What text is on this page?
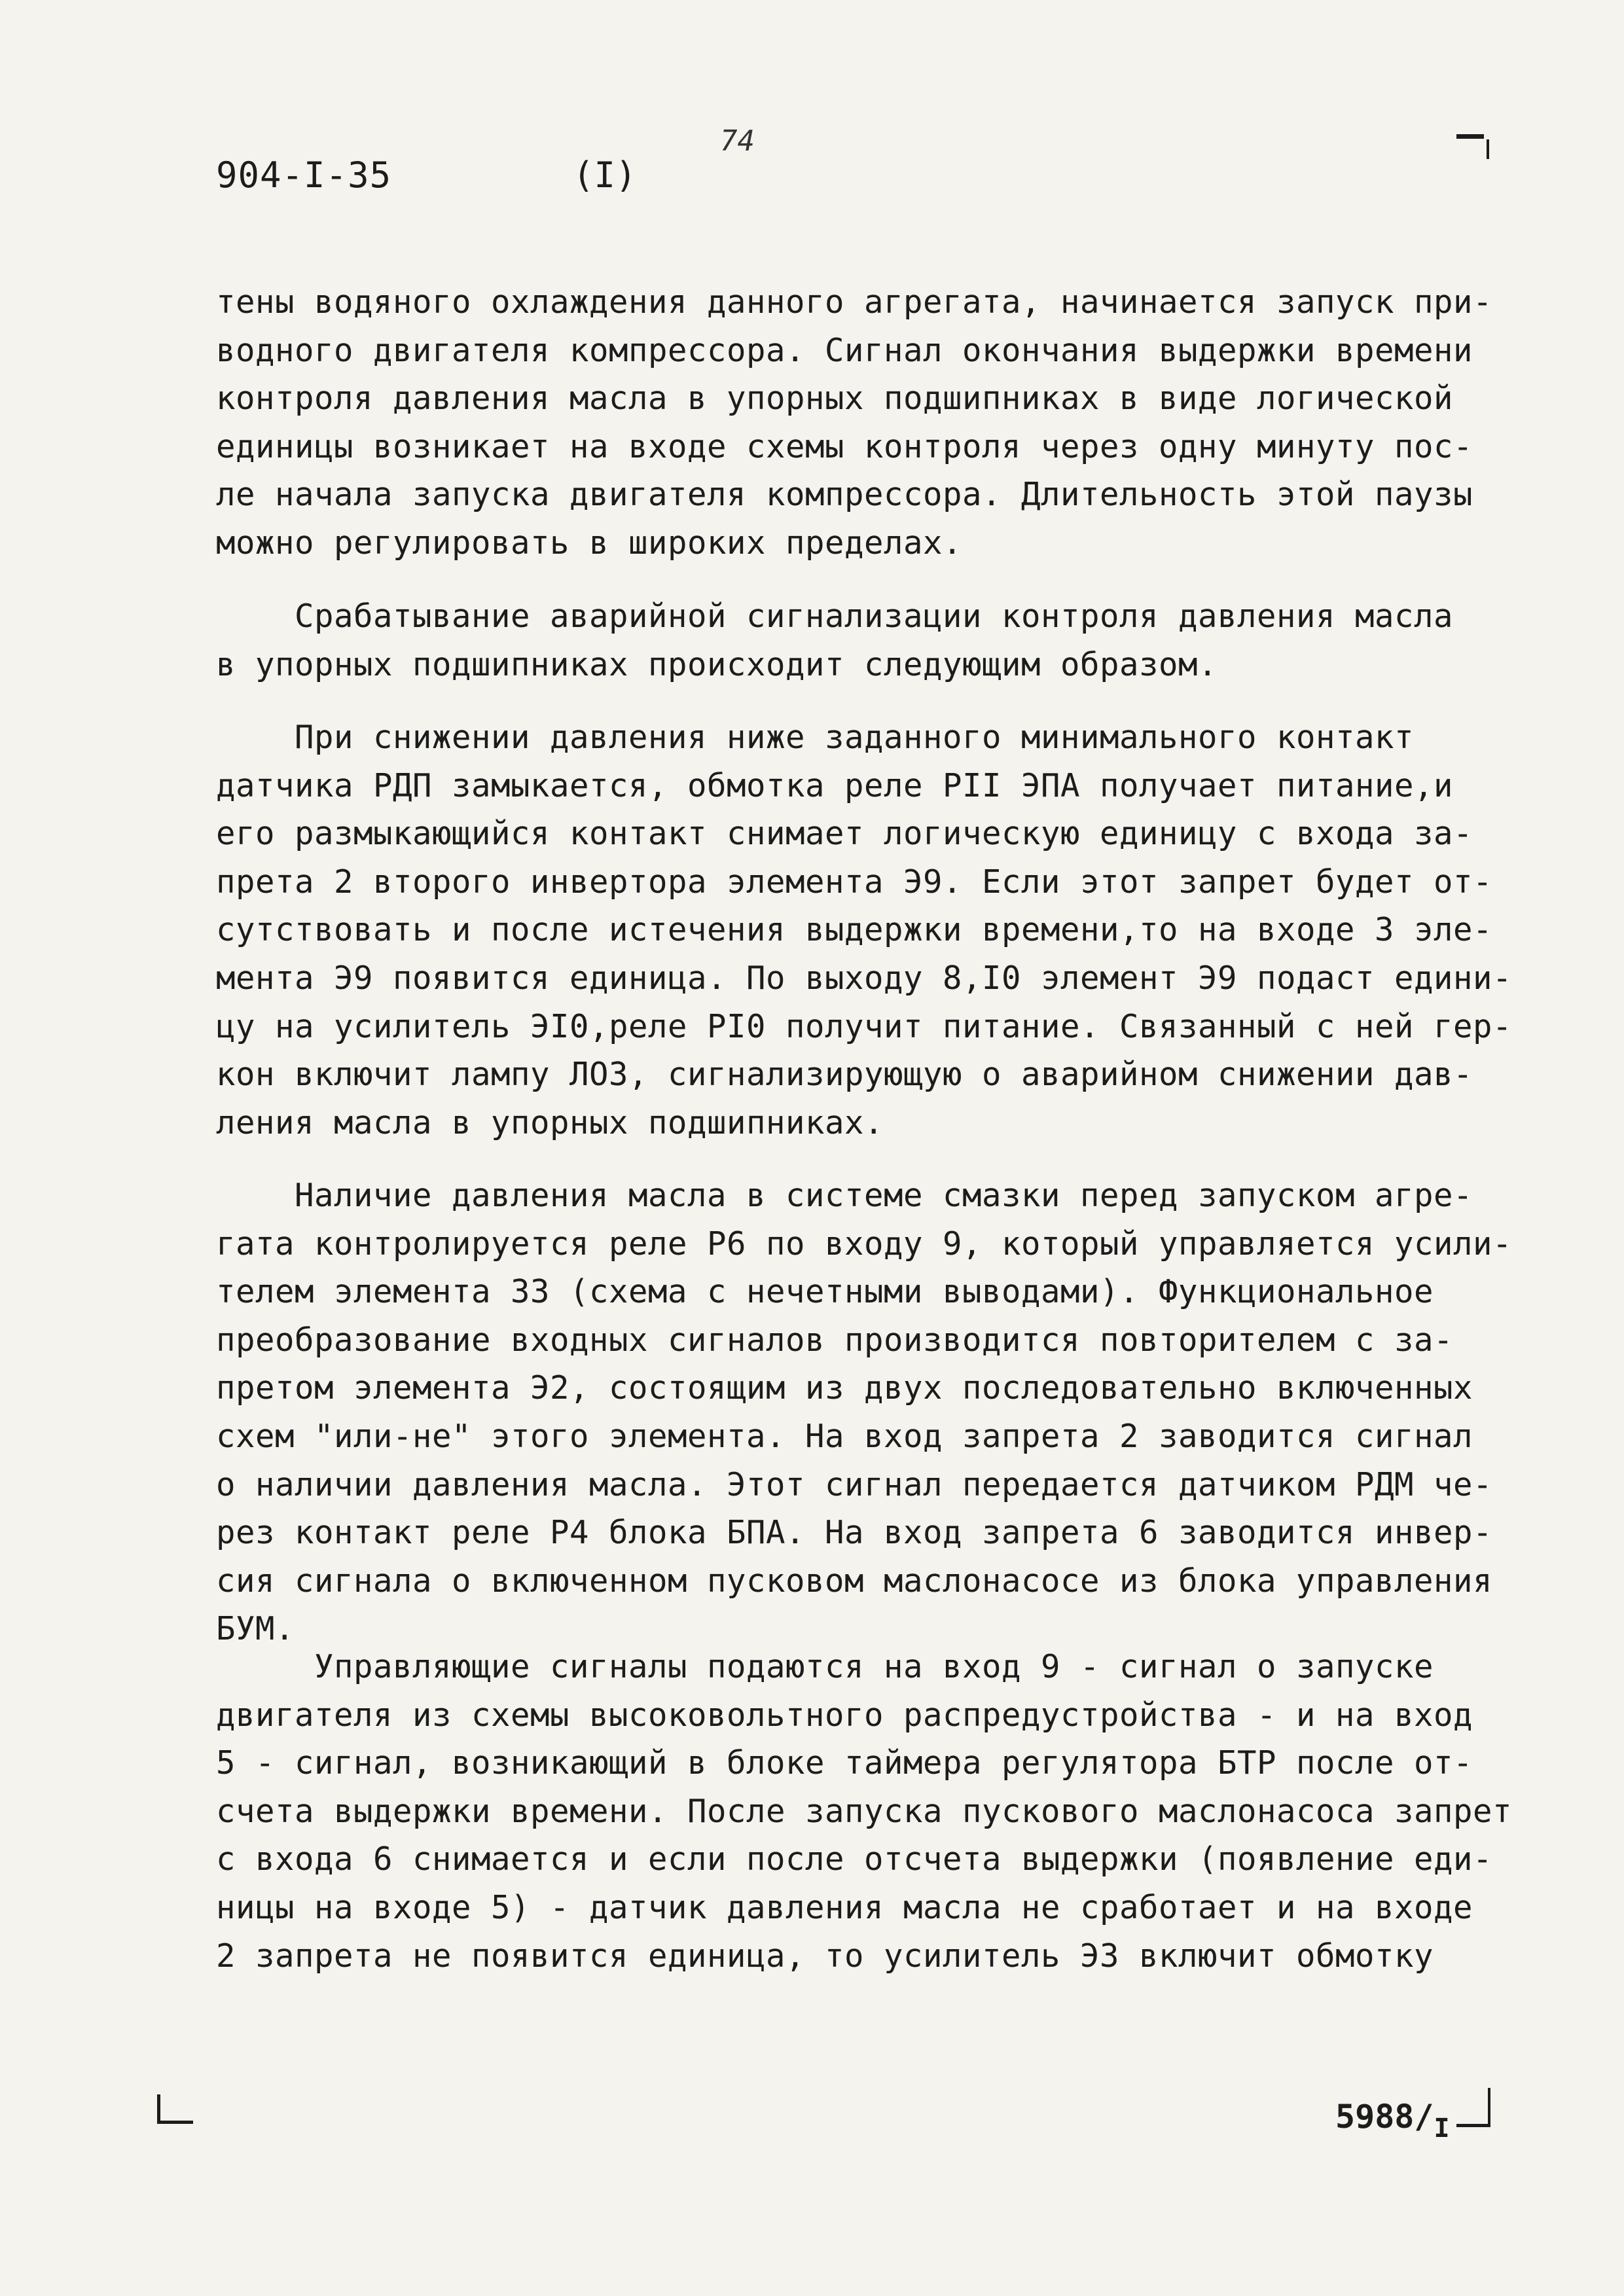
904-I-35	(I)
74

тены водяного охлаждения данного агрегата, начинается запуск при-
водного двигателя компрессора. Сигнал окончания выдержки времени
контроля давления масла в упорных подшипниках в виде логической
единицы возникает на входе схемы контроля через одну минуту пос-
ле начала запуска двигателя компрессора. Длительность этой паузы
можно регулировать в широких пределах.

Срабатывание аварийной сигнализации контроля давления масла
в упорных подшипниках происходит следующим образом.

При снижении давления ниже заданного минимального контакт
датчика РДП замыкается, обмотка реле РII ЭПА получает питание,и
его размыкающийся контакт снимает логическую единицу с входа за-
прета 2 второго инвертора элемента Э9. Если этот запрет будет от-
сутствовать и после истечения выдержки времени,то на входе 3 эле-
мента Э9 появится единица. По выходу 8,I0 элемент Э9 подаст едини-
цу на усилитель ЭI0,реле РI0 получит питание. Связанный с ней гер-
кон включит лампу ЛО3, сигнализирующую о аварийном снижении дав-
ления масла в упорных подшипниках.

Наличие давления масла в системе смазки перед запуском агре-
гата контролируется реле Р6 по входу 9, который управляется усили-
телем элемента З3 (схема с нечетными выводами). Функциональное
преобразование входных сигналов производится повторителем с за-
претом элемента Э2, состоящим из двух последовательно включенных
схем "или-не" этого элемента. На вход запрета 2 заводится сигнал
о наличии давления масла. Этот сигнал передается датчиком РДМ че-
рез контакт реле Р4 блока БПА. На вход запрета 6 заводится инвер-
сия сигнала о включенном пусковом маслонасосе из блока управления
БУМ.

Управляющие сигналы подаются на вход 9 - сигнал о запуске
двигателя из схемы высоковольтного распредустройства - и на вход
5 - сигнал, возникающий в блоке таймера регулятора БТР после от-
счета выдержки времени. После запуска пускового маслонасоса запрет
с входа 6 снимается и если после отсчета выдержки (появление еди-
ницы на входе 5) - датчик давления масла не сработает и на входе
2 запрета не появится единица, то усилитель Э3 включит обмотку

$5988/_I$
